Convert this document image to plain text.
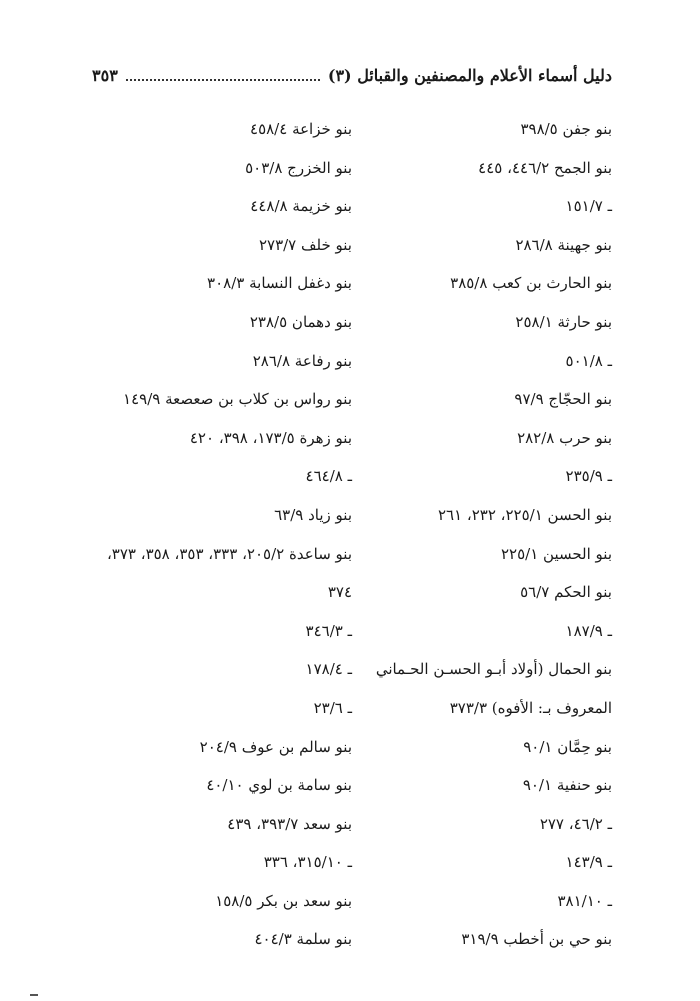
دليل أسماء الأعلام والمصنفين والقبائل (٣)
٣٥٣
بنو جفن ٣٩٨/٥
بنو الجمح ٤٤٦/٢، ٤٤٥
ـ ١٥١/٧
بنو جهينة ٢٨٦/٨
بنو الحارث بن كعب ٣٨٥/٨
بنو حارثة ٢٥٨/١
ـ ٥٠١/٨
بنو الحجّاج ٩٧/٩
بنو حرب ٢٨٢/٨
ـ ٢٣٥/٩
بنو الحسن ٢٢٥/١، ٢٣٢، ٢٦١
بنو الحسين ٢٢٥/١
بنو الحكم ٥٦/٧
ـ ١٨٧/٩
بنو الحمال (أولاد أبـو الحسـن الحـماني
المعروف بـ: الأفوه) ٣٧٣/٣
بنو حِمَّان ٩٠/١
بنو حنفية ٩٠/١
ـ ٤٦/٢، ٢٧٧
ـ ١٤٣/٩
ـ ٣٨١/١٠
بنو حي بن أخطب ٣١٩/٩
بنو خزاعة ٤٥٨/٤
بنو الخزرج ٥٠٣/٨
بنو خزيمة ٤٤٨/٨
بنو خلف ٢٧٣/٧
بنو دغفل النسابة ٣٠٨/٣
بنو دهمان ٢٣٨/٥
بنو رفاعة ٢٨٦/٨
بنو رواس بن كلاب بن صعصعة ١٤٩/٩
بنو زهرة ١٧٣/٥، ٣٩٨، ٤٢٠
ـ ٤٦٤/٨
بنو زياد ٦٣/٩
بنو ساعدة ٢٠٥/٢، ٣٣٣، ٣٥٣، ٣٥٨، ٣٧٣،
٣٧٤
ـ ٣٤٦/٣
ـ ١٧٨/٤
ـ ٢٣/٦
بنو سالم بن عوف ٢٠٤/٩
بنو سامة بن لوي ٤٠/١٠
بنو سعد ٣٩٣/٧، ٤٣٩
ـ ٣١٥/١٠، ٣٣٦
بنو سعد بن بكر ١٥٨/٥
بنو سلمة ٤٠٤/٣
